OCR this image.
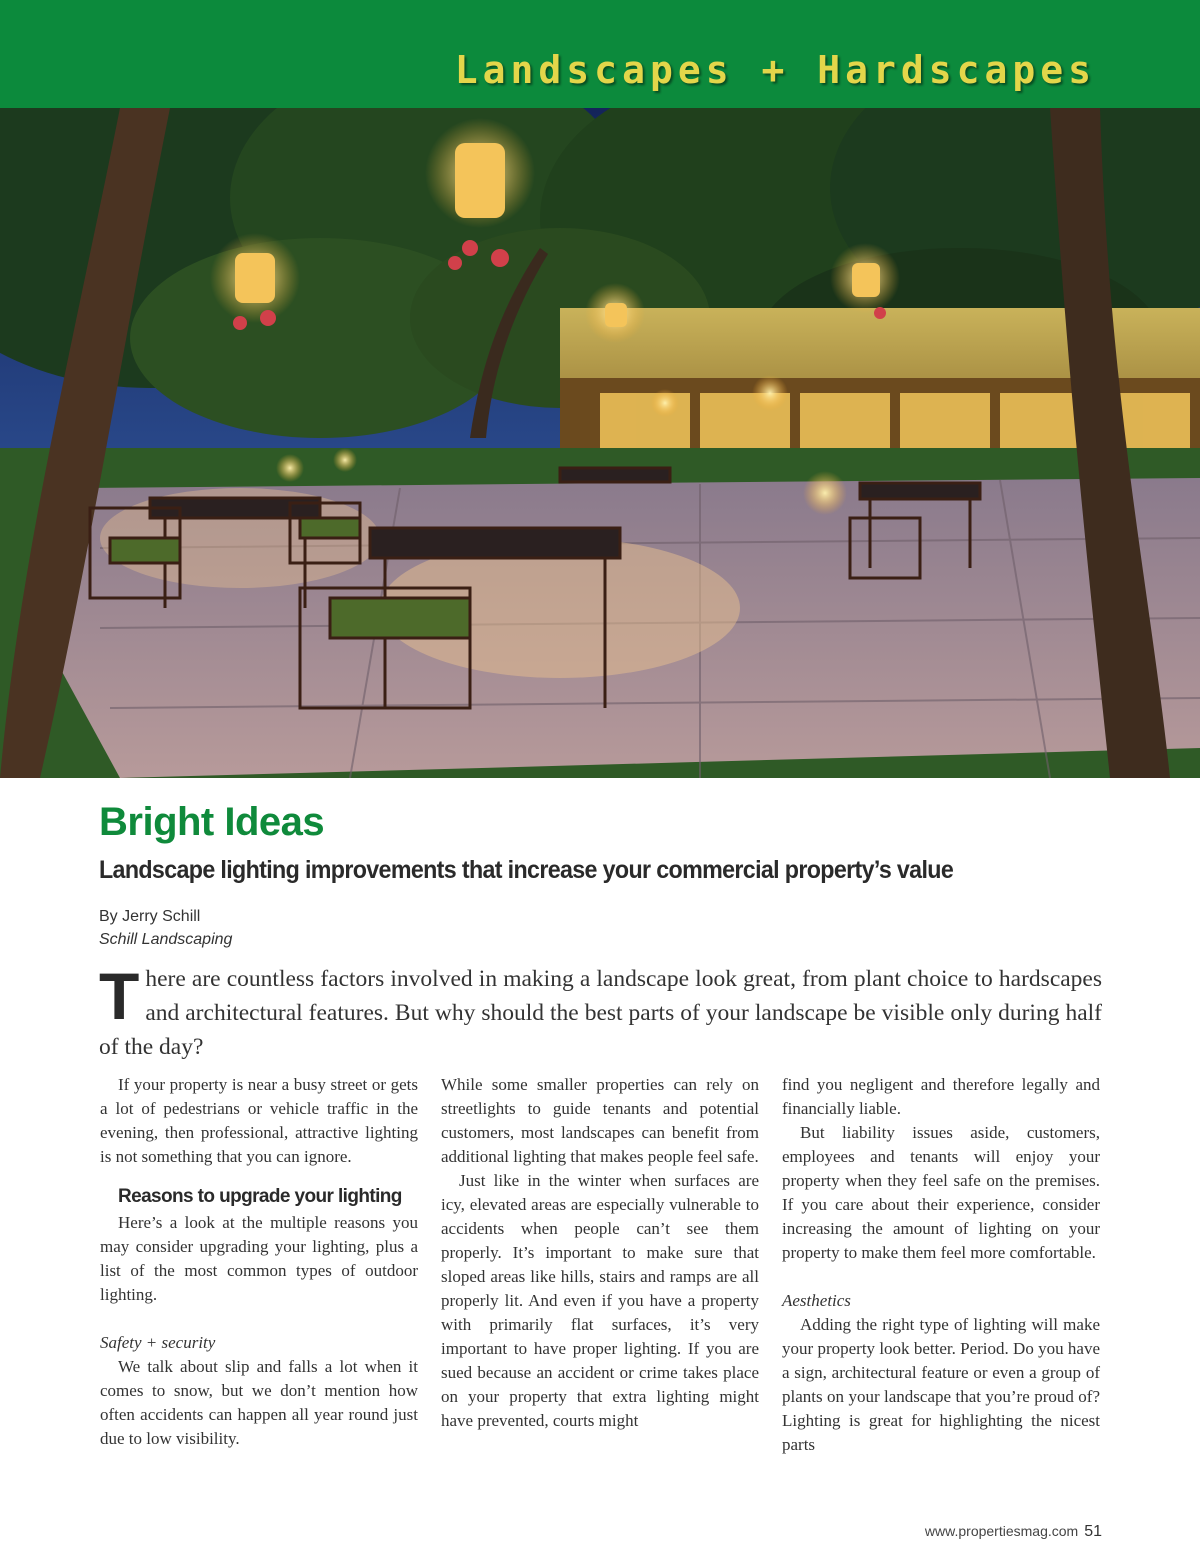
Landscapes + Hardscapes
Bright Ideas
Landscape lighting improvements that increase your commercial property’s value
By Jerry Schill
Schill Landscaping

There are countless factors involved in making a landscape look great, from plant choice to hardscapes and architectural features. But why should the best parts of your landscape be visible only during half of the day?

If your property is near a busy street or gets a lot of pedestrians or vehicle traffic in the evening, then professional, attractive lighting is not something that you can ignore.

Reasons to upgrade your lighting

Here’s a look at the multiple reasons you may consider upgrading your lighting, plus a list of the most common types of outdoor lighting.

Safety + security

We talk about slip and falls a lot when it comes to snow, but we don’t mention how often accidents can happen all year round just due to low visibility.

While some smaller properties can rely on streetlights to guide tenants and potential customers, most landscapes can benefit from additional lighting that makes people feel safe.

Just like in the winter when surfaces are icy, elevated areas are especially vulnerable to accidents when people can’t see them properly. It’s important to make sure that sloped areas like hills, stairs and ramps are all properly lit. And even if you have a property with primarily flat surfaces, it’s very important to have proper lighting. If you are sued because an accident or crime takes place on your property that extra lighting might have prevented, courts might

find you negligent and therefore legally and financially liable.

But liability issues aside, customers, employees and tenants will enjoy your property when they feel safe on the premises. If you care about their experience, consider increasing the amount of lighting on your property to make them feel more comfortable.

Aesthetics

Adding the right type of lighting will make your property look better. Period. Do you have a sign, architectural feature or even a group of plants on your landscape that you’re proud of? Lighting is great for highlighting the nicest parts

www.propertiesmag.com 51
